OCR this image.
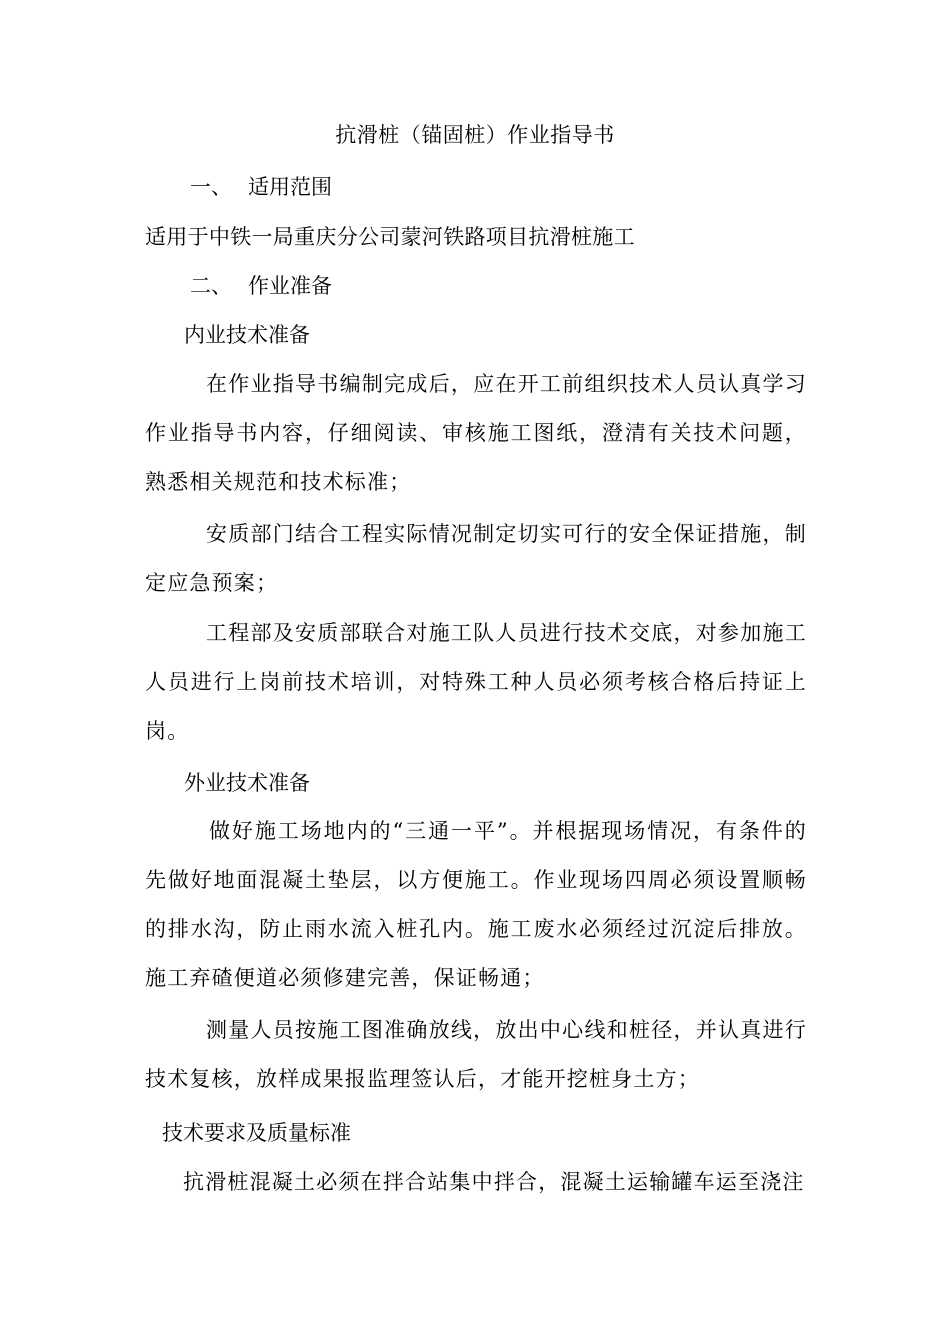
抗滑桩（锚固桩）作业指导书
一、 适用范围
适用于中铁一局重庆分公司蒙河铁路项目抗滑桩施工
二、 作业准备
内业技术准备
在作业指导书编制完成后，应在开工前组织技术人员认真学习作业指导书内容，仔细阅读、审核施工图纸，澄清有关技术问题，熟悉相关规范和技术标准；
安质部门结合工程实际情况制定切实可行的安全保证措施，制定应急预案；
工程部及安质部联合对施工队人员进行技术交底，对参加施工人员进行上岗前技术培训，对特殊工种人员必须考核合格后持证上岗。
外业技术准备
做好施工场地内的“三通一平”。并根据现场情况，有条件的先做好地面混凝土垫层，以方便施工。作业现场四周必须设置顺畅的排水沟，防止雨水流入桩孔内。施工废水必须经过沉淀后排放。施工弃碴便道必须修建完善，保证畅通；
测量人员按施工图准确放线，放出中心线和桩径，并认真进行技术复核，放样成果报监理签认后，才能开挖桩身土方；
技术要求及质量标准
抗滑桩混凝土必须在拌合站集中拌合，混凝土运输罐车运至浇注
